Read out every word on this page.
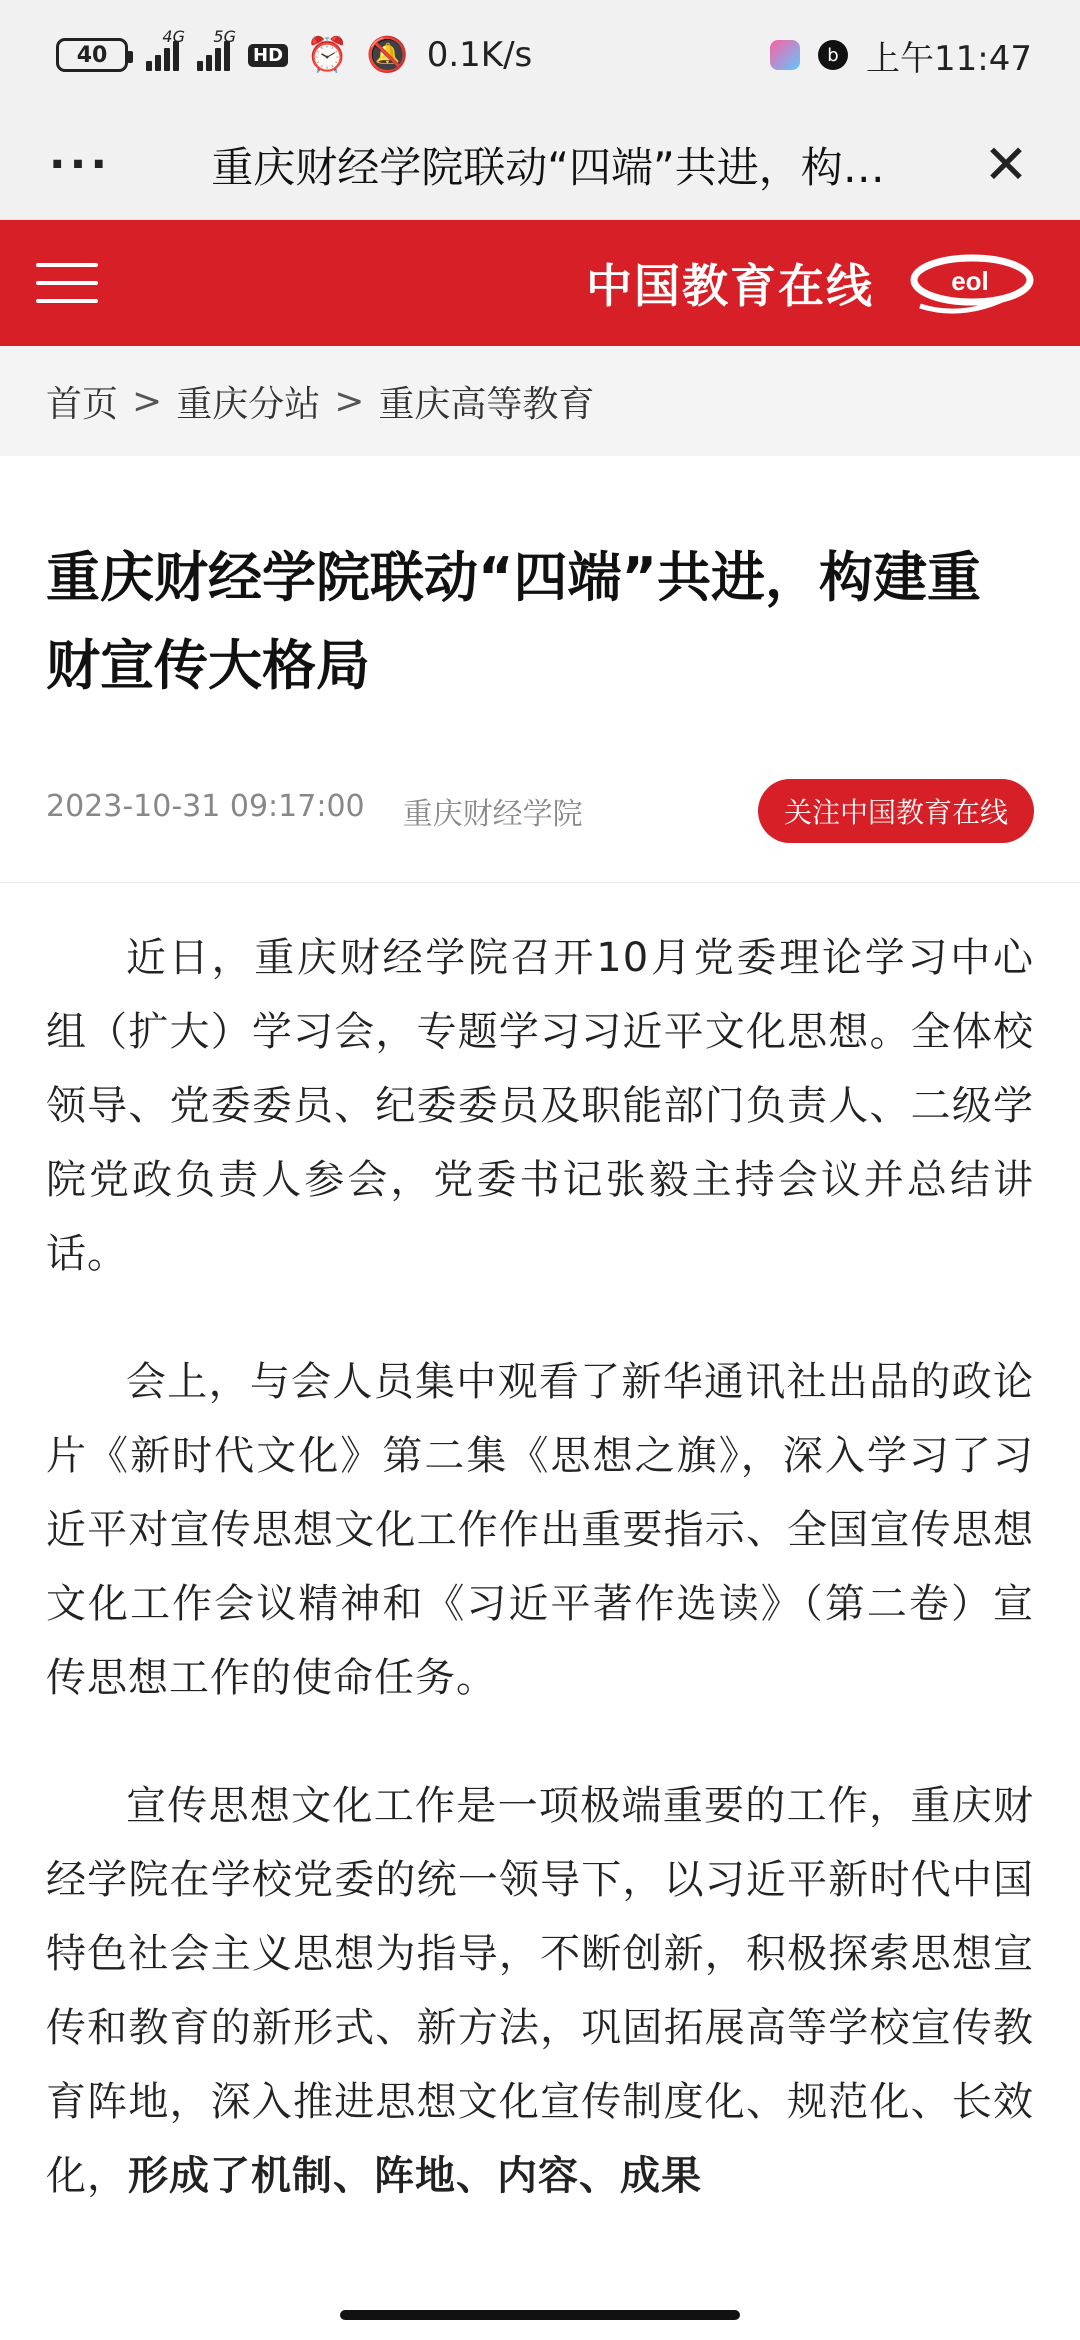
40
4G 5G
HD ⏰ 🔕 0.1K/s	b 上午11:47
···	重庆财经学院联动“四端”共进，构…	✕
中国教育在线	eol
首页 > 重庆分站 > 重庆高等教育
重庆财经学院联动“四端”共进，构建重财宣传大格局
2023-10-31 09:17:00 重庆财经学院	关注中国教育在线

近日，重庆财经学院召开10月党委理论学习中心组（扩大）学习会，专题学习习近平文化思想。全体校领导、党委委员、纪委委员及职能部门负责人、二级学院党政负责人参会，党委书记张毅主持会议并总结讲话。

会上，与会人员集中观看了新华通讯社出品的政论片《新时代文化》第二集《思想之旗》，深入学习了习近平对宣传思想文化工作作出重要指示、全国宣传思想文化工作会议精神和《习近平著作选读》（第二卷）宣传思想工作的使命任务。

宣传思想文化工作是一项极端重要的工作，重庆财经学院在学校党委的统一领导下，以习近平新时代中国特色社会主义思想为指导，不断创新，积极探索思想宣传和教育的新形式、新方法，巩固拓展高等学校宣传教育阵地，深入推进思想文化宣传制度化、规范化、长效化，形成了机制、阵地、内容、成果
